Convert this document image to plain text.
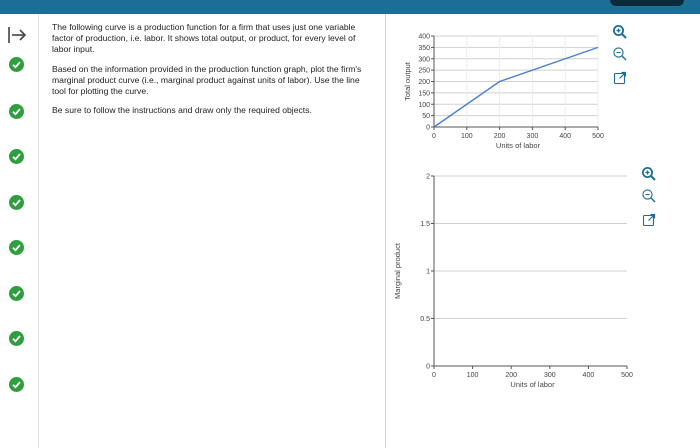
The following curve is a production function for a firm that uses just one variable factor of production, i.e. labor. It shows total output, or product, for every level of labor input.

Based on the information provided in the production function graph, plot the firm's marginal product curve (i.e., marginal product against units of labor). Use the line tool for plotting the curve.

Be sure to follow the instructions and draw only the required objects.

0	100	200	300	400	500
0
50
100
150
200
250
300
350
400
Units of labor
Total output
0	100	200	300	400	500
0
0.5
1
1.5
2
Units of labor
Marginal product
